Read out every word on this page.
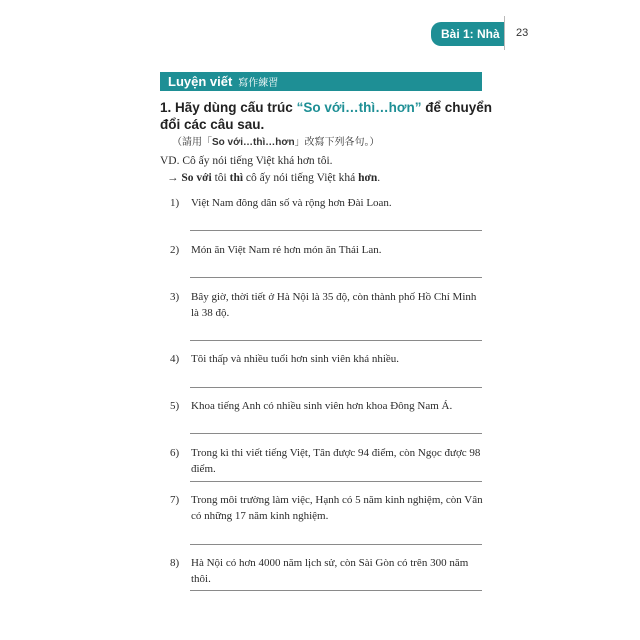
Bài 1: Nhà ở
23
Luyện viết 寫作練習
1. Hãy dùng cấu trúc “So với…thì…hơn” để chuyển đổi các câu sau.
（請用「So với…thì…hơn」改寫下列各句。）
VD. Cô ấy nói tiếng Việt khá hơn tôi.
→ So với tôi thì cô ấy nói tiếng Việt khá hơn.
1) Việt Nam đông dân số và rộng hơn Đài Loan.
2) Món ăn Việt Nam rẻ hơn món ăn Thái Lan.
3) Bây giờ, thời tiết ở Hà Nội là 35 độ, còn thành phố Hồ Chí Minh là 38 độ.
4) Tôi thấp và nhiều tuổi hơn sinh viên khá nhiều.
5) Khoa tiếng Anh có nhiều sinh viên hơn khoa Đông Nam Á.
6) Trong kì thi viết tiếng Việt, Tân được 94 điểm, còn Ngọc được 98 điểm.
7) Trong môi trường làm việc, Hạnh có 5 năm kinh nghiệm, còn Vân có những 17 năm kinh nghiệm.
8) Hà Nội có hơn 4000 năm lịch sử, còn Sài Gòn có trên 300 năm thôi.
